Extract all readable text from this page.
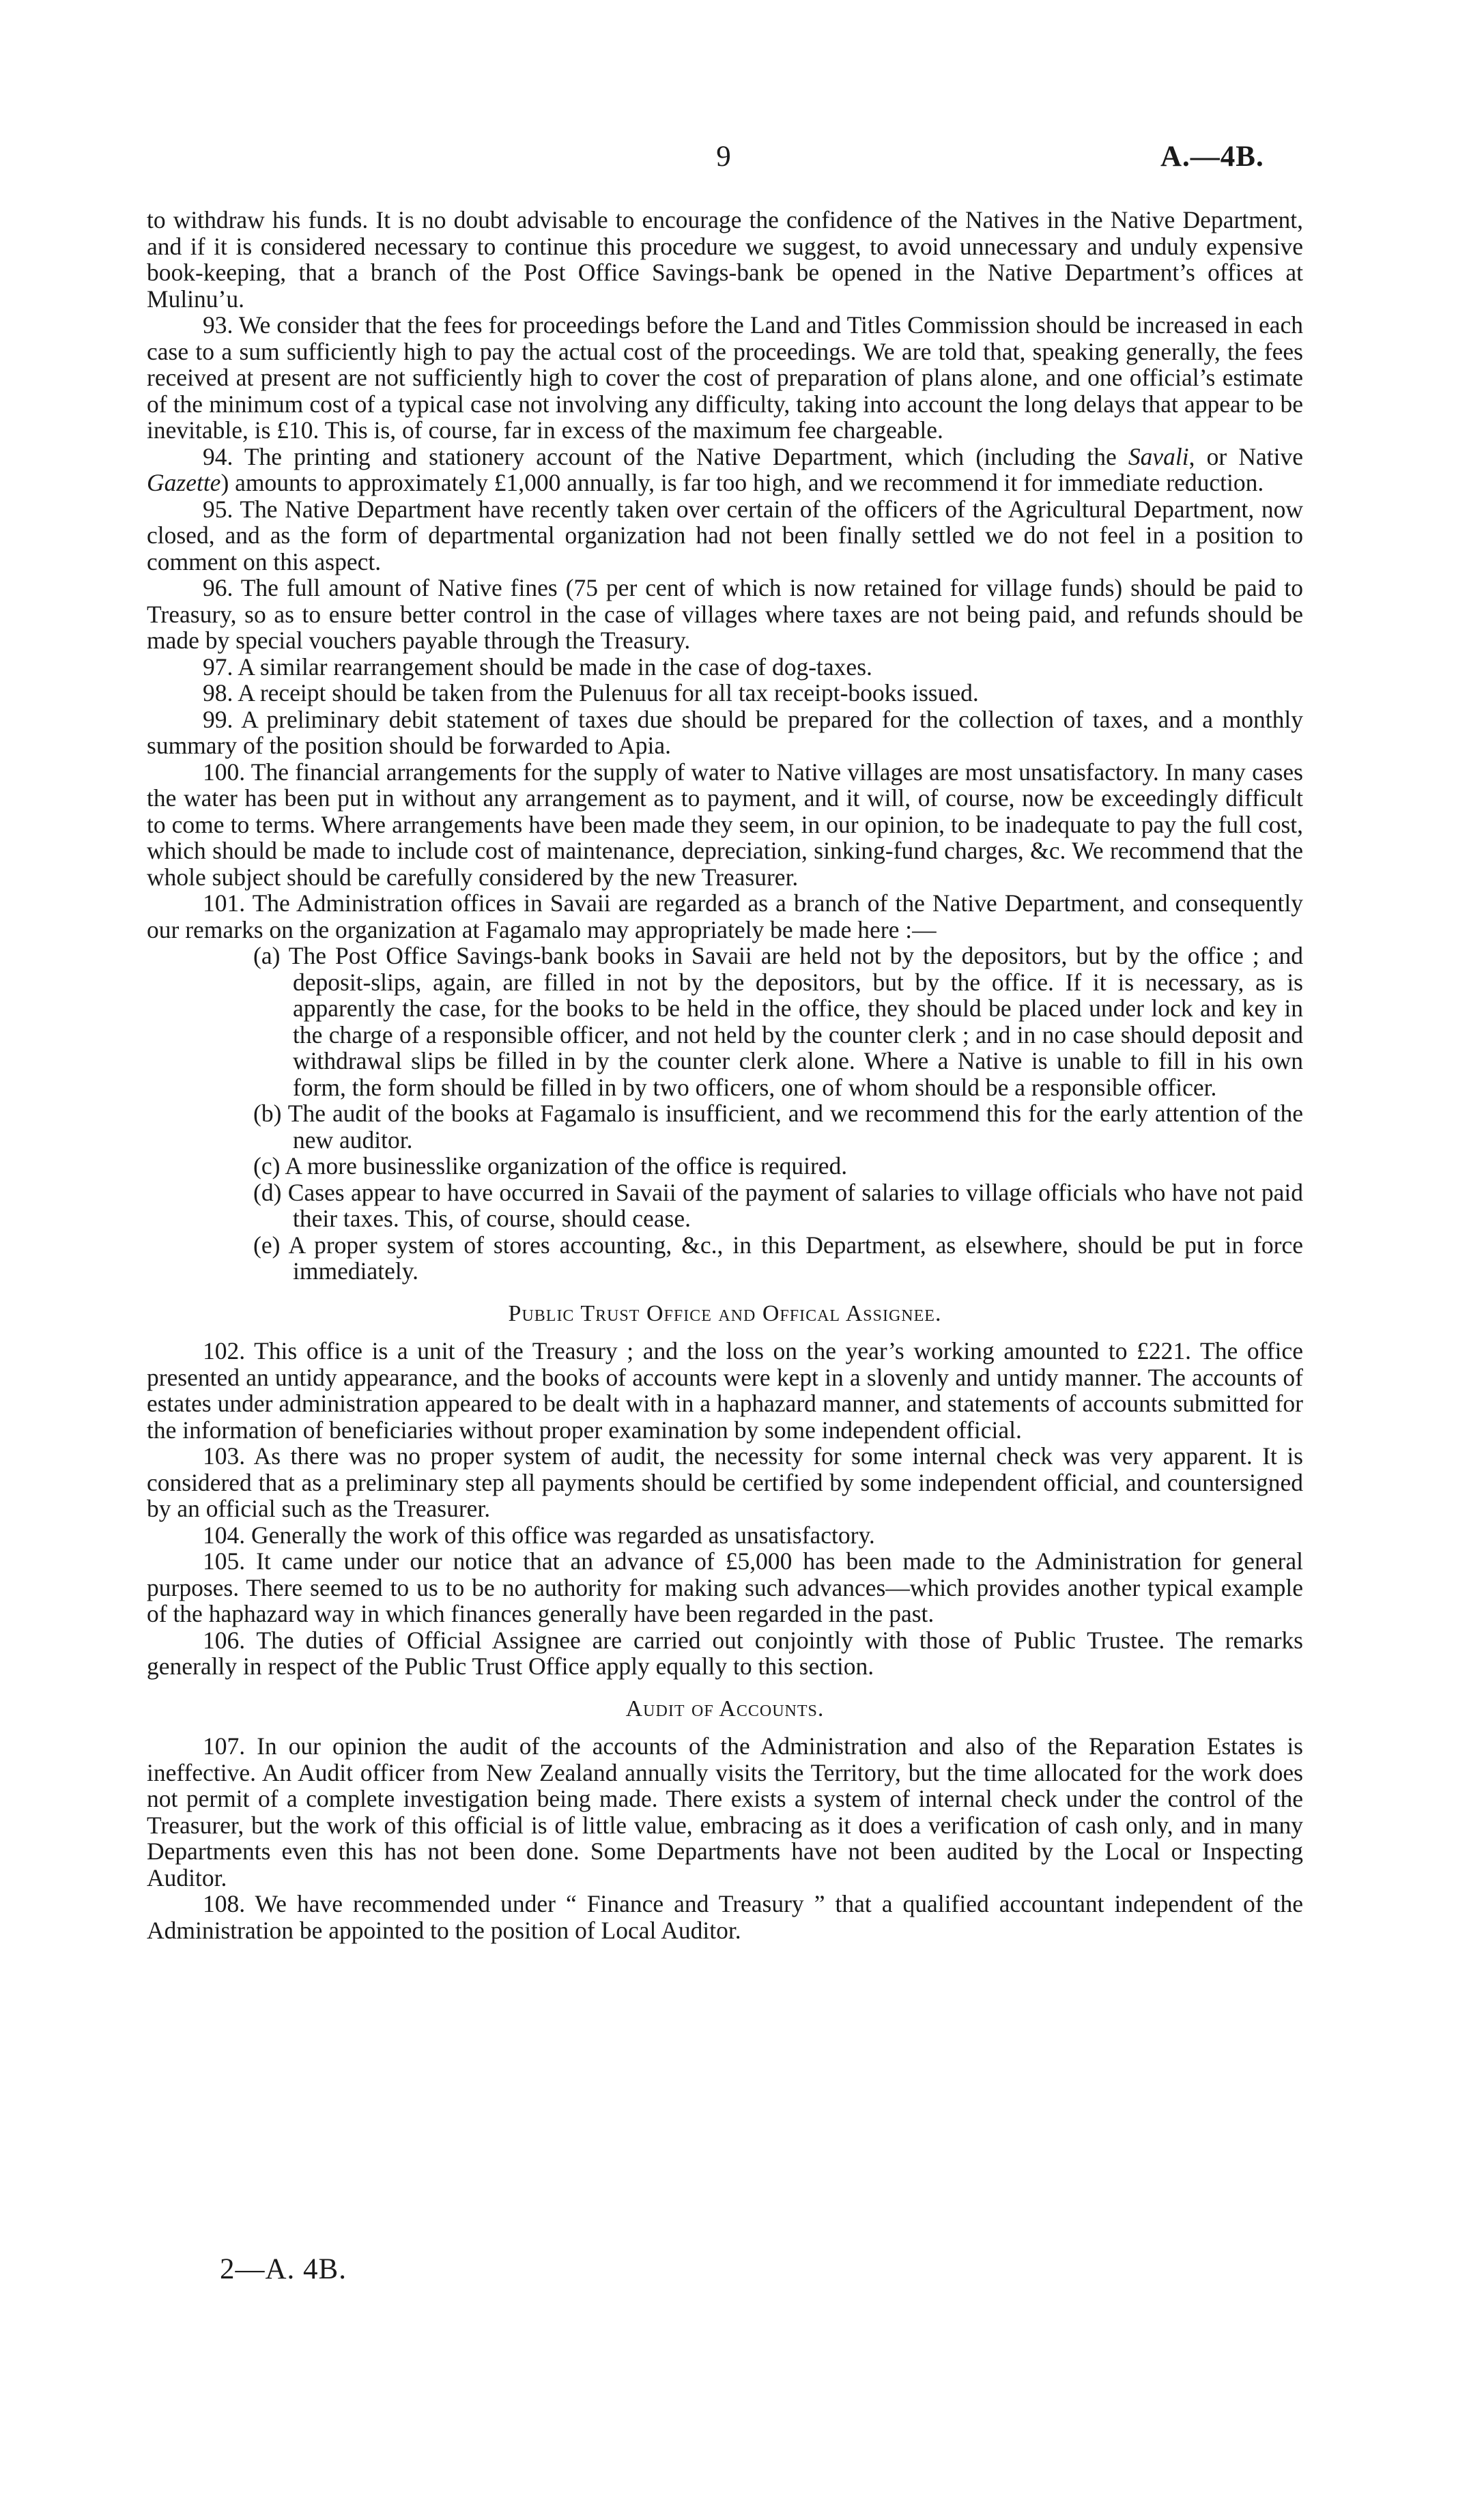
9	A.—4B.

to withdraw his funds. It is no doubt advisable to encourage the confidence of the Natives in the Native Department, and if it is considered necessary to continue this procedure we suggest, to avoid unnecessary and unduly expensive book-keeping, that a branch of the Post Office Savings-bank be opened in the Native Department’s offices at Mulinu’u.

93. We consider that the fees for proceedings before the Land and Titles Commission should be increased in each case to a sum sufficiently high to pay the actual cost of the proceedings. We are told that, speaking generally, the fees received at present are not sufficiently high to cover the cost of preparation of plans alone, and one official’s estimate of the minimum cost of a typical case not involving any difficulty, taking into account the long delays that appear to be inevitable, is £10. This is, of course, far in excess of the maximum fee chargeable.

94. The printing and stationery account of the Native Department, which (including the Savali, or Native Gazette) amounts to approximately £1,000 annually, is far too high, and we recommend it for immediate reduction.

95. The Native Department have recently taken over certain of the officers of the Agricultural Department, now closed, and as the form of departmental organization had not been finally settled we do not feel in a position to comment on this aspect.

96. The full amount of Native fines (75 per cent of which is now retained for village funds) should be paid to Treasury, so as to ensure better control in the case of villages where taxes are not being paid, and refunds should be made by special vouchers payable through the Treasury.

97. A similar rearrangement should be made in the case of dog-taxes.

98. A receipt should be taken from the Pulenuus for all tax receipt-books issued.

99. A preliminary debit statement of taxes due should be prepared for the collection of taxes, and a monthly summary of the position should be forwarded to Apia.

100. The financial arrangements for the supply of water to Native villages are most unsatisfactory. In many cases the water has been put in without any arrangement as to payment, and it will, of course, now be exceedingly difficult to come to terms. Where arrangements have been made they seem, in our opinion, to be inadequate to pay the full cost, which should be made to include cost of maintenance, depreciation, sinking-fund charges, &c. We recommend that the whole subject should be carefully considered by the new Treasurer.

101. The Administration offices in Savaii are regarded as a branch of the Native Department, and consequently our remarks on the organization at Fagamalo may appropriately be made here :—

(a) The Post Office Savings-bank books in Savaii are held not by the depositors, but by the office ; and deposit-slips, again, are filled in not by the depositors, but by the office. If it is necessary, as is apparently the case, for the books to be held in the office, they should be placed under lock and key in the charge of a responsible officer, and not held by the counter clerk ; and in no case should deposit and withdrawal slips be filled in by the counter clerk alone. Where a Native is unable to fill in his own form, the form should be filled in by two officers, one of whom should be a responsible officer.

(b) The audit of the books at Fagamalo is insufficient, and we recommend this for the early attention of the new auditor.

(c) A more businesslike organization of the office is required.

(d) Cases appear to have occurred in Savaii of the payment of salaries to village officials who have not paid their taxes. This, of course, should cease.

(e) A proper system of stores accounting, &c., in this Department, as elsewhere, should be put in force immediately.

Public Trust Office and Offical Assignee.

102. This office is a unit of the Treasury ; and the loss on the year’s working amounted to £221. The office presented an untidy appearance, and the books of accounts were kept in a slovenly and untidy manner. The accounts of estates under administration appeared to be dealt with in a haphazard manner, and statements of accounts submitted for the information of beneficiaries without proper examination by some independent official.

103. As there was no proper system of audit, the necessity for some internal check was very apparent. It is considered that as a preliminary step all payments should be certified by some independent official, and countersigned by an official such as the Treasurer.

104. Generally the work of this office was regarded as unsatisfactory.

105. It came under our notice that an advance of £5,000 has been made to the Administration for general purposes. There seemed to us to be no authority for making such advances—which provides another typical example of the haphazard way in which finances generally have been regarded in the past.

106. The duties of Official Assignee are carried out conjointly with those of Public Trustee. The remarks generally in respect of the Public Trust Office apply equally to this section.

Audit of Accounts.

107. In our opinion the audit of the accounts of the Administration and also of the Reparation Estates is ineffective. An Audit officer from New Zealand annually visits the Territory, but the time allocated for the work does not permit of a complete investigation being made. There exists a system of internal check under the control of the Treasurer, but the work of this official is of little value, embracing as it does a verification of cash only, and in many Departments even this has not been done. Some Departments have not been audited by the Local or Inspecting Auditor.

108. We have recommended under “ Finance and Treasury ” that a qualified accountant independent of the Administration be appointed to the position of Local Auditor.

2—A. 4B.
